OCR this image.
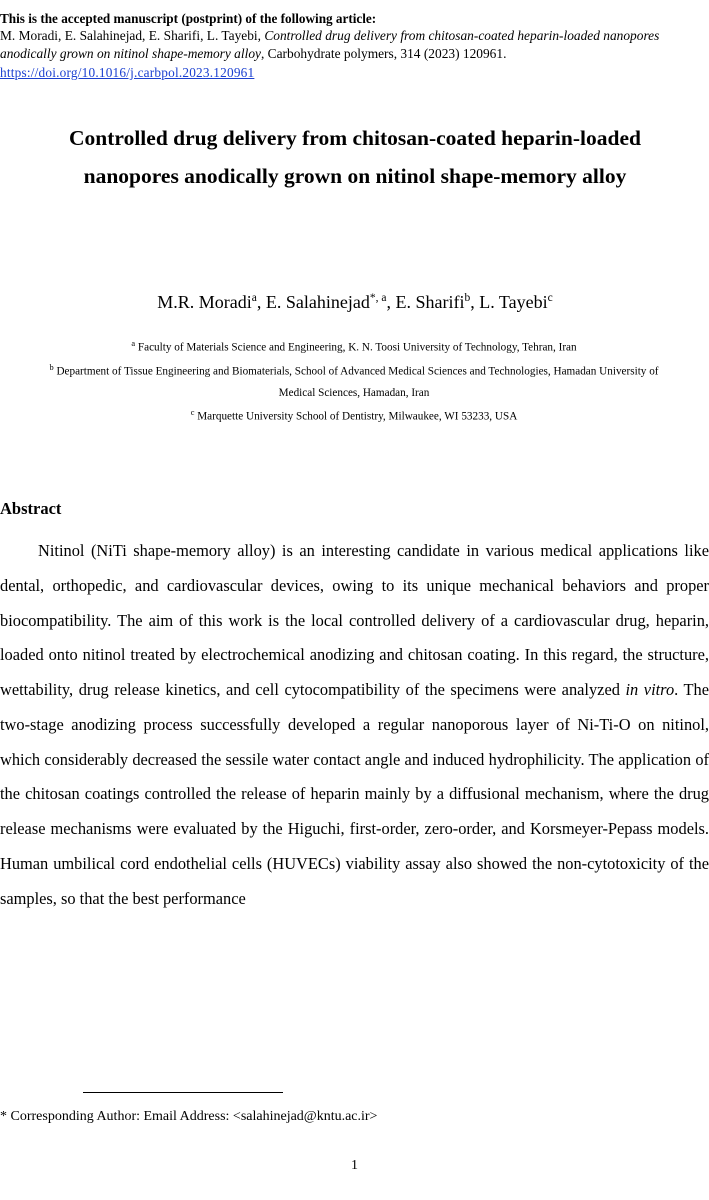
This is the accepted manuscript (postprint) of the following article:
M. Moradi, E. Salahinejad, E. Sharifi, L. Tayebi, Controlled drug delivery from chitosan-coated heparin-loaded nanopores anodically grown on nitinol shape-memory alloy, Carbohydrate polymers, 314 (2023) 120961.
https://doi.org/10.1016/j.carbpol.2023.120961
Controlled drug delivery from chitosan-coated heparin-loaded
nanopores anodically grown on nitinol shape-memory alloy
M.R. Moradi$^a$, E. Salahinejad$^{*, a}$, E. Sharifi$^b$, L. Tayebi$^c$
$^a$ Faculty of Materials Science and Engineering, K. N. Toosi University of Technology, Tehran, Iran
$^b$ Department of Tissue Engineering and Biomaterials, School of Advanced Medical Sciences and Technologies, Hamadan University of Medical Sciences, Hamadan, Iran
$^c$ Marquette University School of Dentistry, Milwaukee, WI 53233, USA
Abstract
Nitinol (NiTi shape-memory alloy) is an interesting candidate in various medical applications like dental, orthopedic, and cardiovascular devices, owing to its unique mechanical behaviors and proper biocompatibility. The aim of this work is the local controlled delivery of a cardiovascular drug, heparin, loaded onto nitinol treated by electrochemical anodizing and chitosan coating. In this regard, the structure, wettability, drug release kinetics, and cell cytocompatibility of the specimens were analyzed in vitro. The two-stage anodizing process successfully developed a regular nanoporous layer of Ni-Ti-O on nitinol, which considerably decreased the sessile water contact angle and induced hydrophilicity. The application of the chitosan coatings controlled the release of heparin mainly by a diffusional mechanism, where the drug release mechanisms were evaluated by the Higuchi, first-order, zero-order, and Korsmeyer-Pepass models. Human umbilical cord endothelial cells (HUVECs) viability assay also showed the non-cytotoxicity of the samples, so that the best performance
* Corresponding Author: Email Address: <salahinejad@kntu.ac.ir>
1
